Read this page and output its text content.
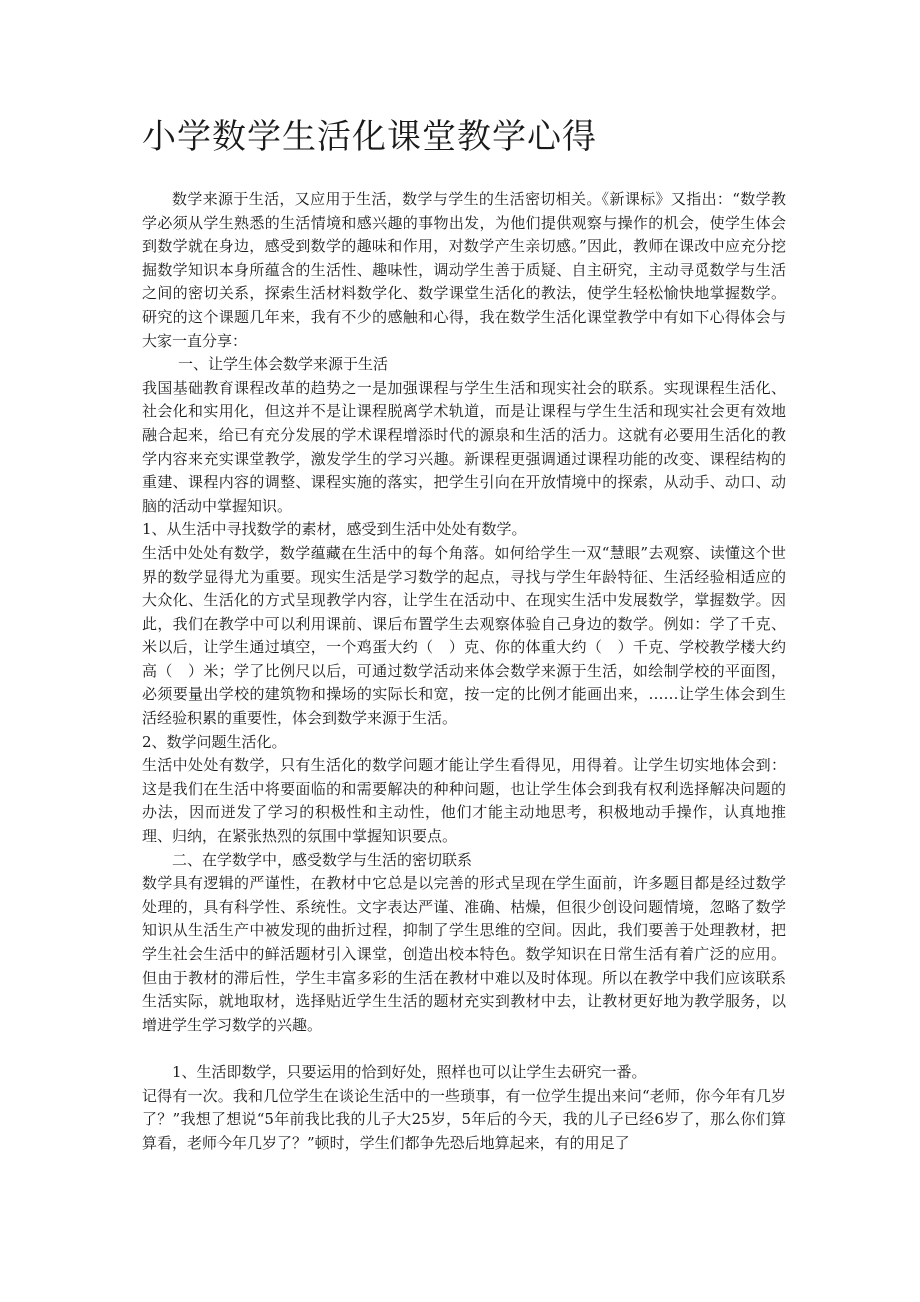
小学数学生活化课堂教学心得

数学来源于生活，又应用于生活，数学与学生的生活密切相关。《新课标》又指出：“数学教学必须从学生熟悉的生活情境和感兴趣的事物出发，为他们提供观察与操作的机会，使学生体会到数学就在身边，感受到数学的趣味和作用，对数学产生亲切感。”因此，教师在课改中应充分挖掘数学知识本身所蕴含的生活性、趣味性，调动学生善于质疑、自主研究，主动寻觅数学与生活之间的密切关系，探索生活材料数学化、数学课堂生活化的教法，使学生轻松愉快地掌握数学。研究的这个课题几年来，我有不少的感触和心得，我在数学生活化课堂教学中有如下心得体会与大家一直分享：

一、让学生体会数学来源于生活

我国基础教育课程改革的趋势之一是加强课程与学生生活和现实社会的联系。实现课程生活化、社会化和实用化，但这并不是让课程脱离学术轨道，而是让课程与学生生活和现实社会更有效地融合起来，给已有充分发展的学术课程增添时代的源泉和生活的活力。这就有必要用生活化的教学内容来充实课堂教学，激发学生的学习兴趣。新课程更强调通过课程功能的改变、课程结构的重建、课程内容的调整、课程实施的落实，把学生引向在开放情境中的探索，从动手、动口、动脑的活动中掌握知识。

1、从生活中寻找数学的素材，感受到生活中处处有数学。

生活中处处有数学，数学蕴藏在生活中的每个角落。如何给学生一双“慧眼”去观察、读懂这个世界的数学显得尤为重要。现实生活是学习数学的起点，寻找与学生年龄特征、生活经验相适应的大众化、生活化的方式呈现教学内容，让学生在活动中、在现实生活中发展数学，掌握数学。因此，我们在教学中可以利用课前、课后布置学生去观察体验自己身边的数学。例如：学了千克、米以后，让学生通过填空，一个鸡蛋大约（　）克、你的体重大约（　）千克、学校教学楼大约高（　）米；学了比例尺以后，可通过数学活动来体会数学来源于生活，如绘制学校的平面图，必须要量出学校的建筑物和操场的实际长和宽，按一定的比例才能画出来，……让学生体会到生活经验积累的重要性，体会到数学来源于生活。

2、数学问题生活化。

生活中处处有数学，只有生活化的数学问题才能让学生看得见，用得着。让学生切实地体会到：这是我们在生活中将要面临的和需要解决的种种问题，也让学生体会到我有权利选择解决问题的办法，因而迸发了学习的积极性和主动性，他们才能主动地思考，积极地动手操作，认真地推理、归纳，在紧张热烈的氛围中掌握知识要点。

二、在学数学中，感受数学与生活的密切联系

数学具有逻辑的严谨性，在教材中它总是以完善的形式呈现在学生面前，许多题目都是经过数学处理的，具有科学性、系统性。文字表达严谨、准确、枯燥，但很少创设问题情境，忽略了数学知识从生活生产中被发现的曲折过程，抑制了学生思维的空间。因此，我们要善于处理教材，把学生社会生活中的鲜活题材引入课堂，创造出校本特色。数学知识在日常生活有着广泛的应用。但由于教材的滞后性，学生丰富多彩的生活在教材中难以及时体现。所以在教学中我们应该联系生活实际，就地取材，选择贴近学生生活的题材充实到教材中去，让教材更好地为教学服务，以增进学生学习数学的兴趣。

1、生活即数学，只要运用的恰到好处，照样也可以让学生去研究一番。

记得有一次。我和几位学生在谈论生活中的一些琐事，有一位学生提出来问“老师，你今年有几岁了？”我想了想说“5年前我比我的儿子大25岁，5年后的今天，我的儿子已经6岁了，那么你们算算看，老师今年几岁了？”顿时，学生们都争先恐后地算起来，有的用足了
